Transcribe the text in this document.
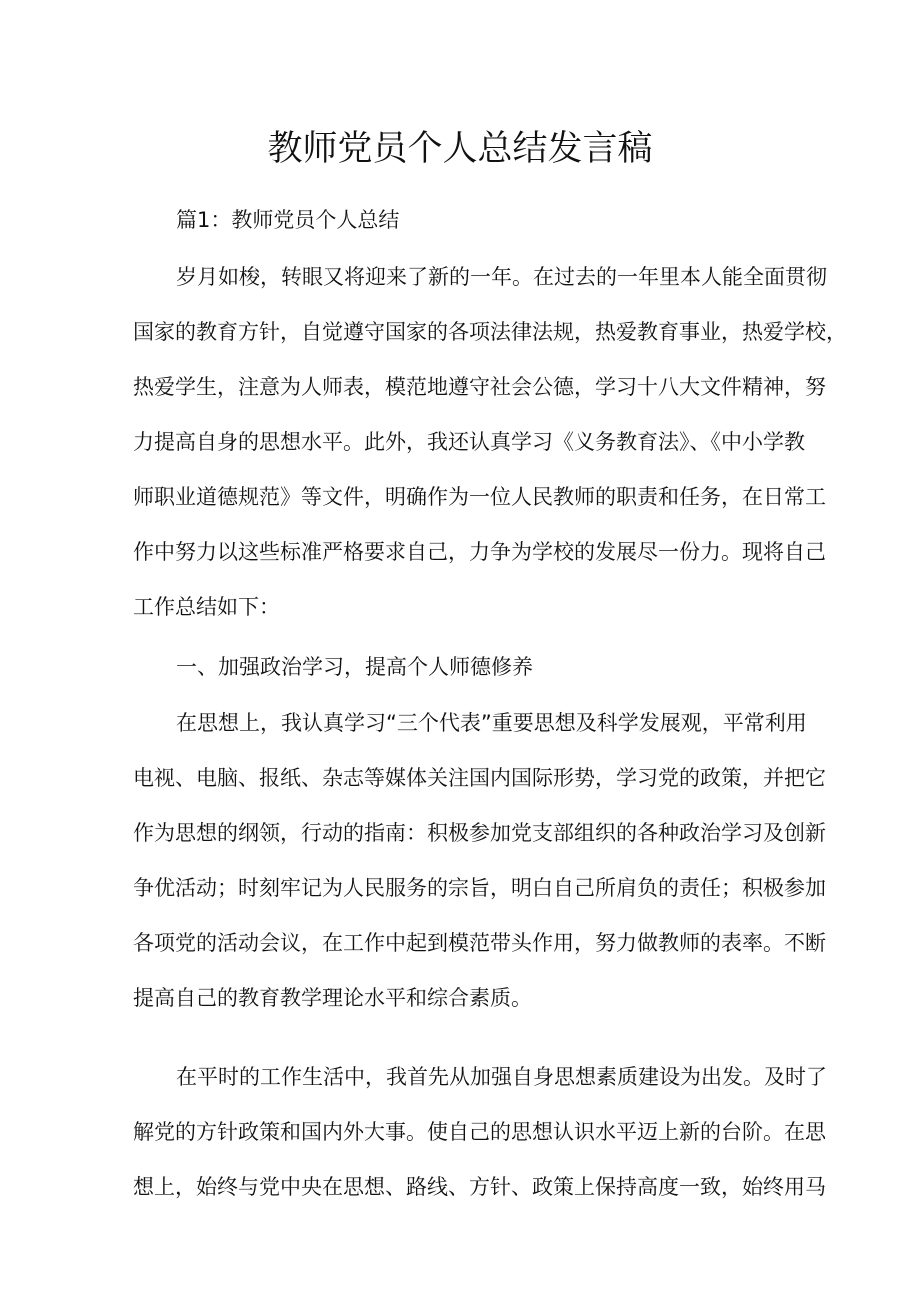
教师党员个人总结发言稿
篇1：教师党员个人总结
岁月如梭，转眼又将迎来了新的一年。在过去的一年里本人能全面贯彻
国家的教育方针，自觉遵守国家的各项法律法规，热爱教育事业，热爱学校，
热爱学生，注意为人师表，模范地遵守社会公德，学习十八大文件精神，努
力提高自身的思想水平。此外，我还认真学习《义务教育法》、《中小学教
师职业道德规范》等文件，明确作为一位人民教师的职责和任务，在日常工
作中努力以这些标准严格要求自己，力争为学校的发展尽一份力。现将自己
工作总结如下：
一、加强政治学习，提高个人师德修养
在思想上，我认真学习“三个代表”重要思想及科学发展观，平常利用
电视、电脑、报纸、杂志等媒体关注国内国际形势，学习党的政策，并把它
作为思想的纲领，行动的指南：积极参加党支部组织的各种政治学习及创新
争优活动；时刻牢记为人民服务的宗旨，明白自己所肩负的责任；积极参加
各项党的活动会议，在工作中起到模范带头作用，努力做教师的表率。不断
提高自己的教育教学理论水平和综合素质。
在平时的工作生活中，我首先从加强自身思想素质建设为出发。及时了
解党的方针政策和国内外大事。使自己的思想认识水平迈上新的台阶。在思
想上，始终与党中央在思想、路线、方针、政策上保持高度一致，始终用马
